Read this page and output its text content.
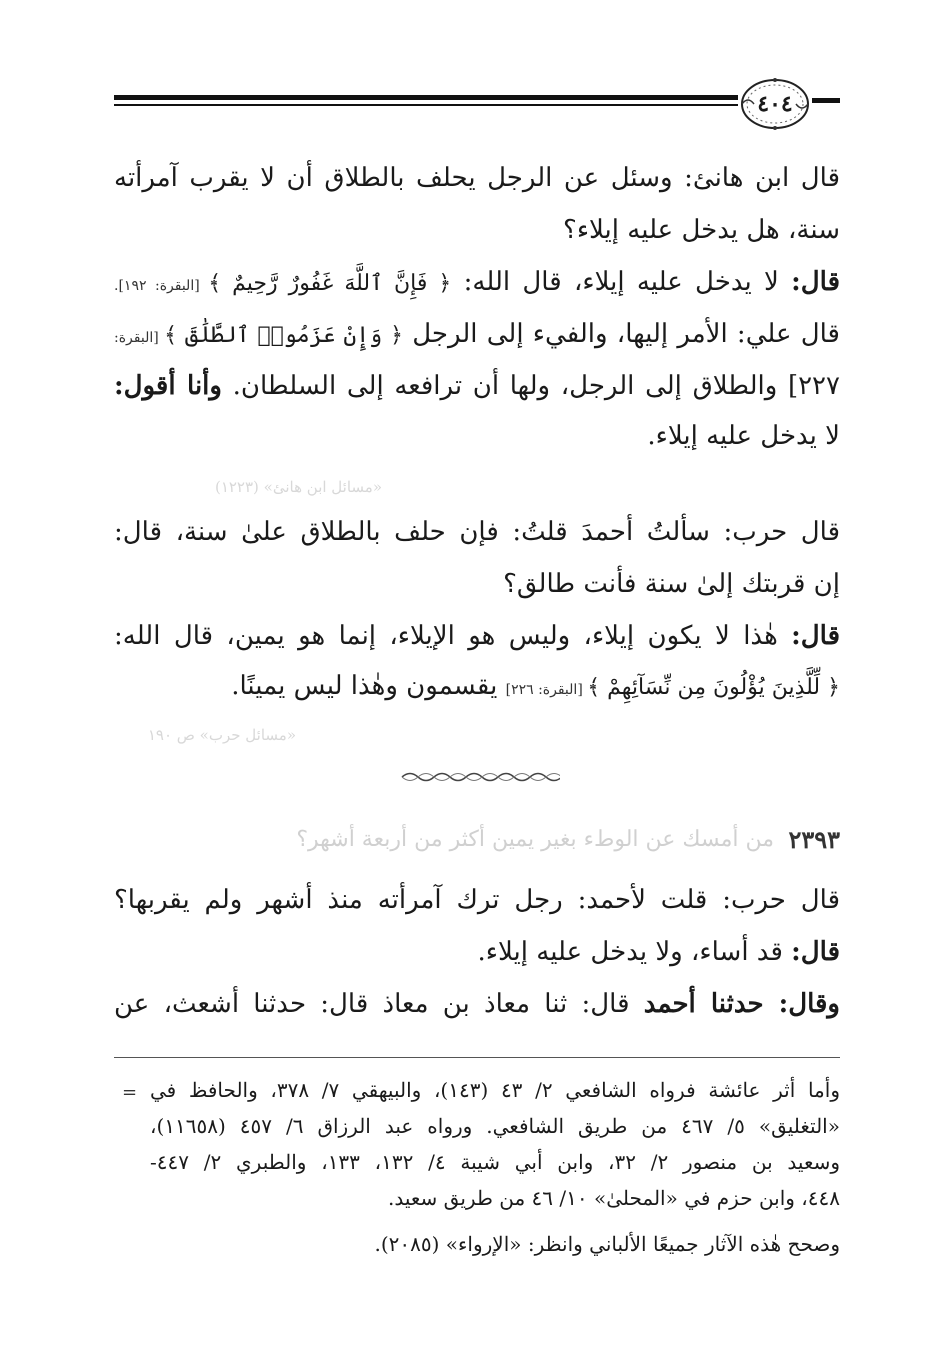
٤٠٤
قال ابن هانئ: وسئل عن الرجل يحلف بالطلاق أن لا يقرب آمرأته
سنة، هل يدخل عليه إيلاء؟
قال: لا يدخل عليه إيلاء، قال الله: ﴿ فَإِنَّ ٱللَّهَ غَفُورٌ رَّحِيمٌ ﴾ [البقرة: ١٩٢].
قال علي: الأمر إليها، والفيء إلى الرجل ﴿ وَإِنْ عَزَمُوا۟ ٱلطَّلَٰقَ ﴾ [البقرة:
٢٢٧] والطلاق إلى الرجل، ولها أن ترافعه إلى السلطان. وأنا أقول:
لا يدخل عليه إيلاء.
«مسائل ابن هانئ» (١٢٢٣)
قال حرب: سألتُ أحمدَ قلتُ: فإن حلف بالطلاق علىٰ سنة، قال:
إن قربتك إلىٰ سنة فأنت طالق؟
قال: هٰذا لا يكون إيلاء، وليس هو الإيلاء، إنما هو يمين، قال الله:
﴿ لِّلَّذِينَ يُؤْلُونَ مِن نِّسَآئِهِمْ ﴾ [البقرة: ٢٢٦] يقسمون وهٰذا ليس يمينًا.
«مسائل حرب» ص ١٩٠
٢٣٩٣
من أمسك عن الوطء بغير يمين أكثر من أربعة أشهر؟
قال حرب: قلت لأحمد: رجل ترك آمرأته منذ أشهر ولم يقربها؟
قال: قد أساء، ولا يدخل عليه إيلاء.
وقال: حدثنا أحمد قال: ثنا معاذ بن معاذ قال: حدثنا أشعث، عن
= وأما أثر عائشة فرواه الشافعي ٢/ ٤٣ (١٤٣)، والبيهقي ٧/ ٣٧٨، والحافظ في
«التغليق» ٥/ ٤٦٧ من طريق الشافعي. ورواه عبد الرزاق ٦/ ٤٥٧ (١١٦٥٨)،
وسعيد بن منصور ٢/ ٣٢، وابن أبي شيبة ٤/ ١٣٢، ١٣٣، والطبري ٢/ ٤٤٧-
٤٤٨، وابن حزم في «المحلىٰ» ١٠/ ٤٦ من طريق سعيد.
وصحح هٰذه الآثار جميعًا الألباني وانظر: «الإرواء» (٢٠٨٥).
